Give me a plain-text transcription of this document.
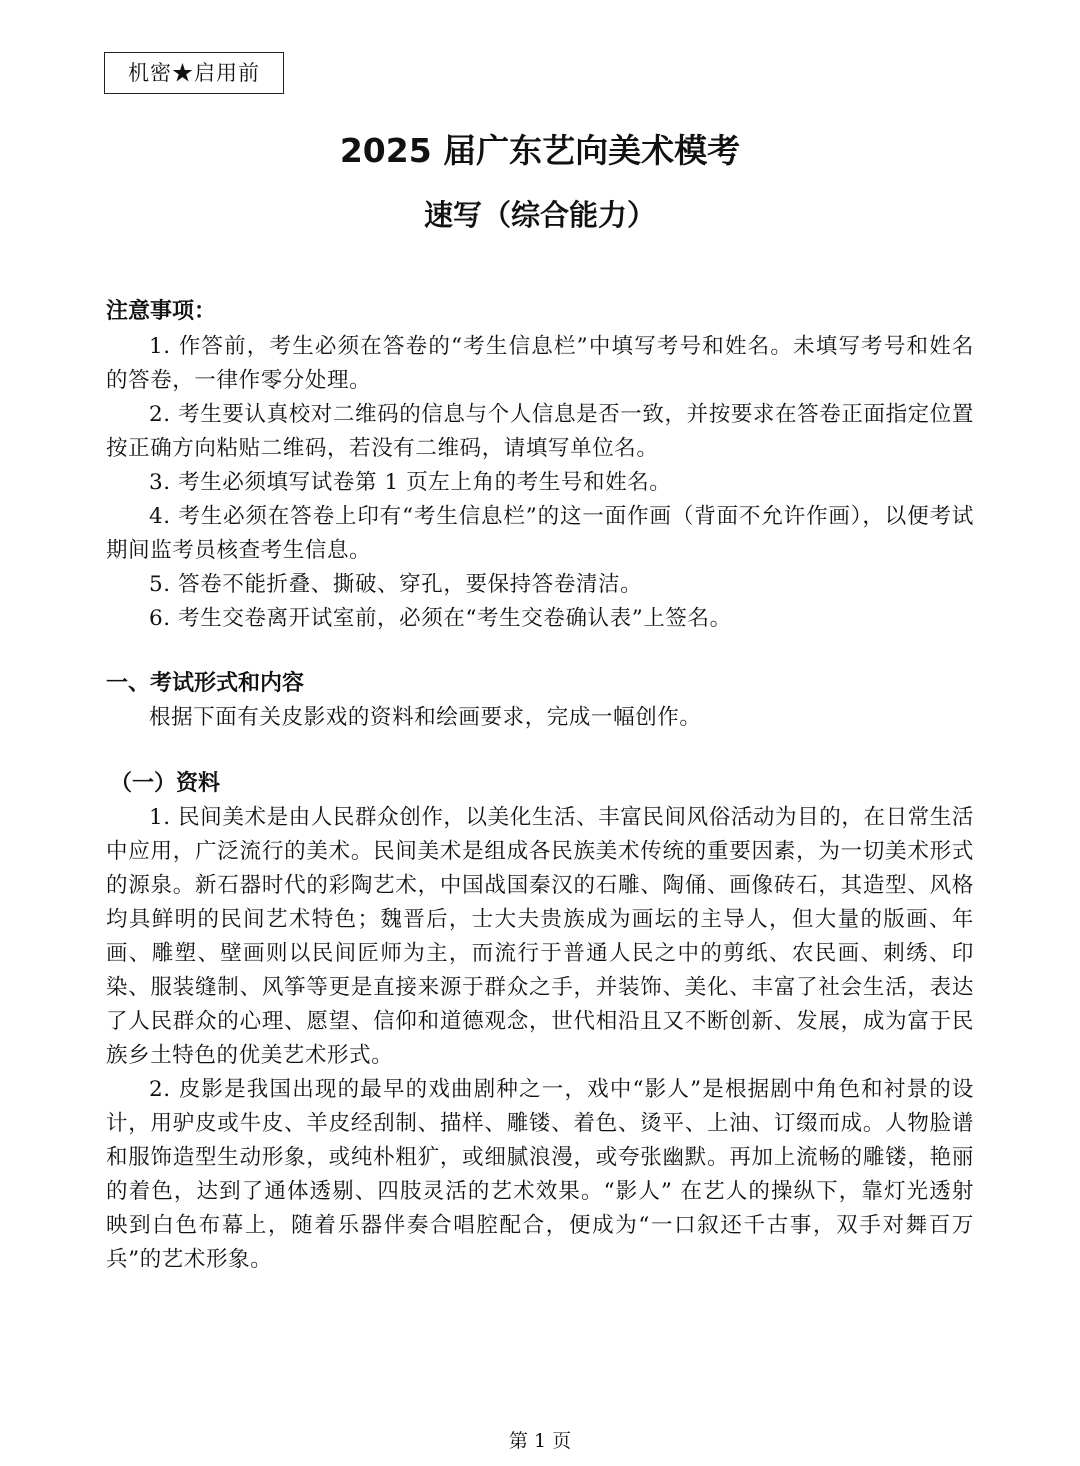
机密★启用前
2025 届广东艺向美术模考
速写（综合能力）
注意事项：

1. 作答前，考生必须在答卷的“考生信息栏”中填写考号和姓名。未填写考号和姓名的答卷，一律作零分处理。

2. 考生要认真校对二维码的信息与个人信息是否一致，并按要求在答卷正面指定位置按正确方向粘贴二维码，若没有二维码，请填写单位名。

3. 考生必须填写试卷第 1 页左上角的考生号和姓名。

4. 考生必须在答卷上印有“考生信息栏”的这一面作画（背面不允许作画），以便考试期间监考员核查考生信息。

5. 答卷不能折叠、撕破、穿孔，要保持答卷清洁。

6. 考生交卷离开试室前，必须在“考生交卷确认表”上签名。

一、考试形式和内容

根据下面有关皮影戏的资料和绘画要求，完成一幅创作。

（一）资料

1. 民间美术是由人民群众创作，以美化生活、丰富民间风俗活动为目的，在日常生活中应用，广泛流行的美术。民间美术是组成各民族美术传统的重要因素，为一切美术形式的源泉。新石器时代的彩陶艺术，中国战国秦汉的石雕、陶俑、画像砖石，其造型、风格均具鲜明的民间艺术特色；魏晋后，士大夫贵族成为画坛的主导人，但大量的版画、年画、雕塑、壁画则以民间匠师为主，而流行于普通人民之中的剪纸、农民画、刺绣、印染、服装缝制、风筝等更是直接来源于群众之手，并装饰、美化、丰富了社会生活，表达了人民群众的心理、愿望、信仰和道德观念，世代相沿且又不断创新、发展，成为富于民族乡土特色的优美艺术形式。

2. 皮影是我国出现的最早的戏曲剧种之一，戏中“影人”是根据剧中角色和衬景的设计，用驴皮或牛皮、羊皮经刮制、描样、雕镂、着色、烫平、上油、订缀而成。人物脸谱和服饰造型生动形象，或纯朴粗犷，或细腻浪漫，或夸张幽默。再加上流畅的雕镂，艳丽的着色，达到了通体透剔、四肢灵活的艺术效果。“影人” 在艺人的操纵下，靠灯光透射映到白色布幕上，随着乐器伴奏合唱腔配合，便成为“一口叙还千古事，双手对舞百万兵”的艺术形象。

第 1 页
